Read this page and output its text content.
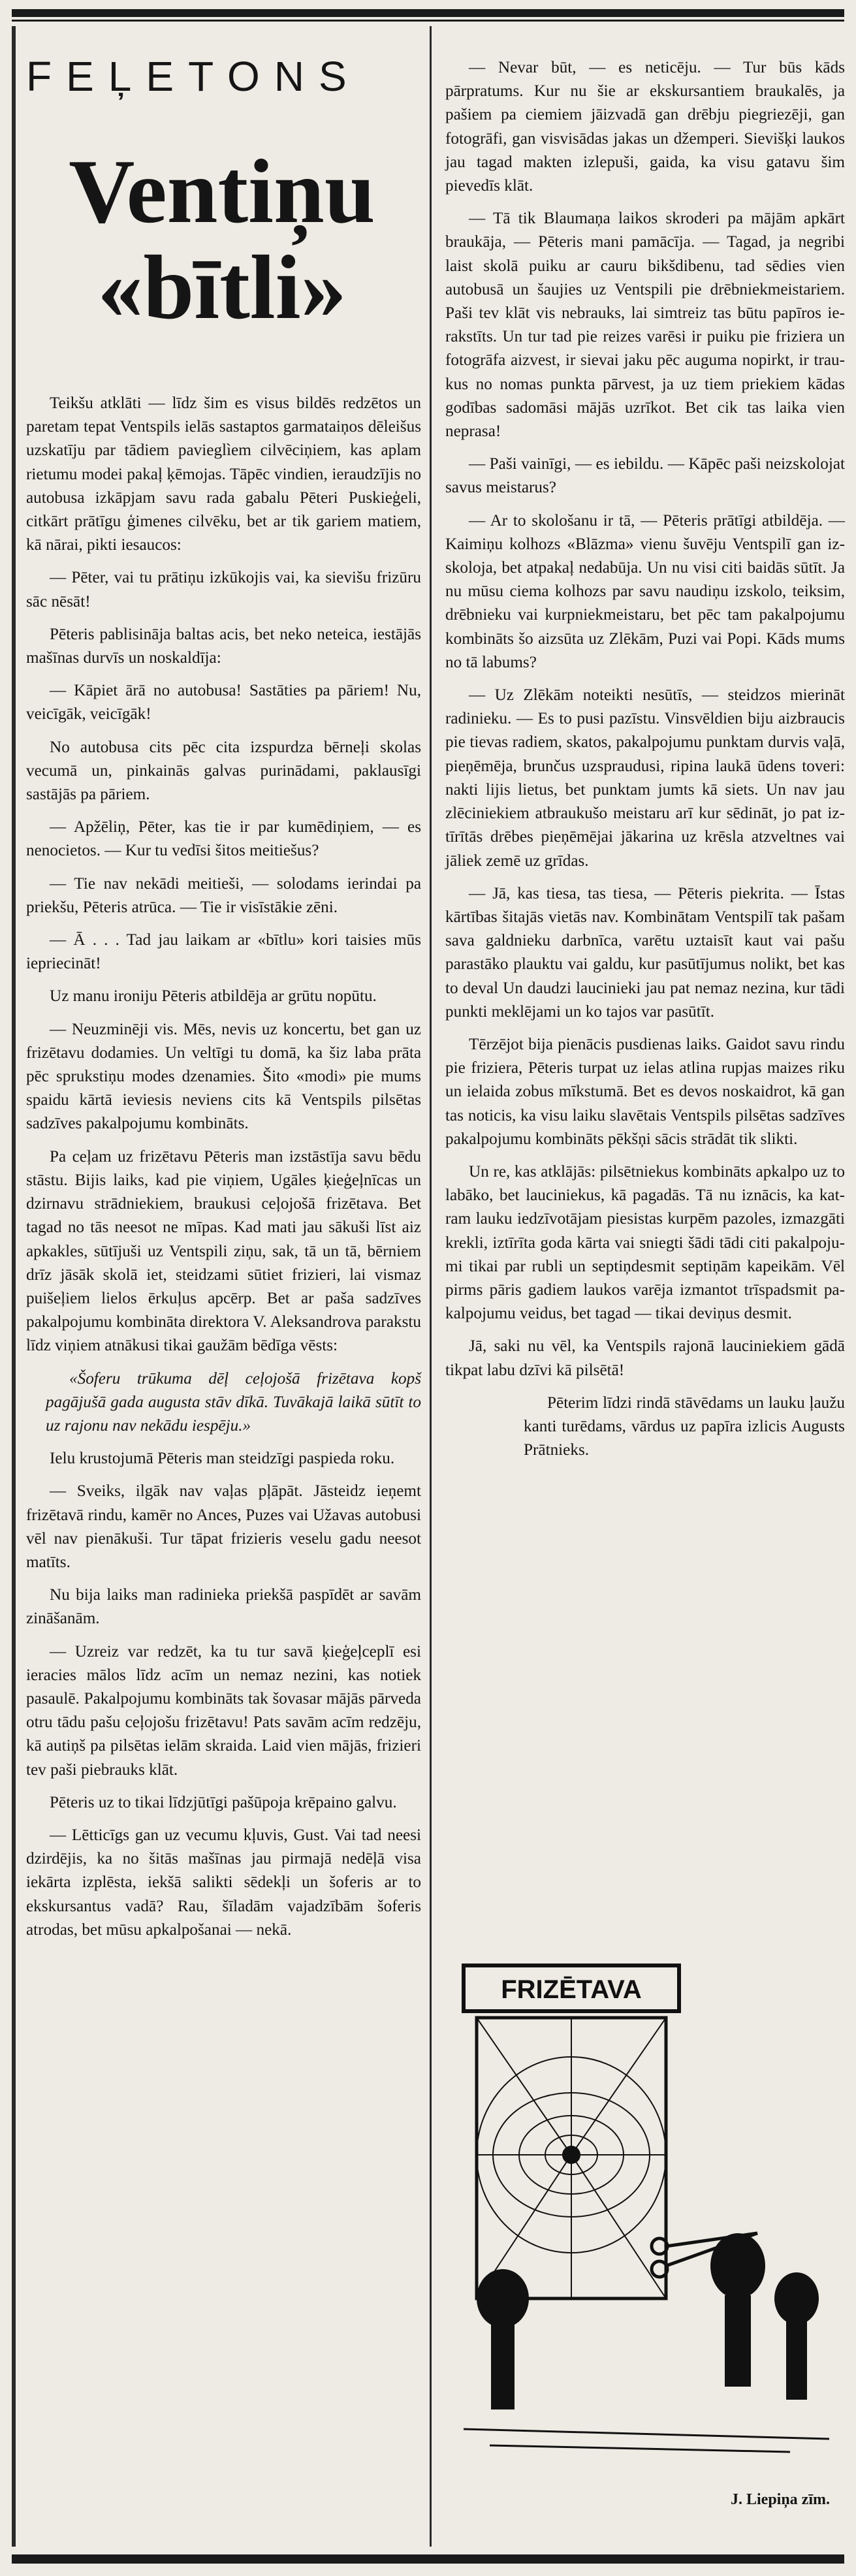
FEĻETONS
Ventiņu
«bītli»

Teikšu atklāti — līdz šim es visus bildēs redzētos un paretam tepat Ventspils ielās sastaptos garmataiņos dēleišus uzskatīju par tādiem pavieglìem cilvēciņiem, kas aplam rietumu modei pakaļ ķēmojas. Tāpēc vindien, ieraudzījis no autobusa izkāpjam savu rada gabalu Pēteri Puskieģeli, citkārt prātīgu ģimenes cilvēku, bet ar tik gariem matiem, kā nārai, pikti iesaucos:

— Pēter, vai tu prātiņu izkūkojis vai, ka sievišu frizūru sāc nēsāt!

Pēteris pablisināja baltas acis, bet neko neteica, iestājās mašīnas durvīs un noskaldīja:

— Kāpiet ārā no autobusa! Sastāties pa pāriem! Nu, veicīgāk, veicīgāk!

No autobusa cits pēc cita izspurdza bērneļi skolas vecumā un, pinkainās galvas purinādami, paklausīgi sastājās pa pāriem.

— Apžēliņ, Pēter, kas tie ir par kumēdiņiem, — es nenocietos. — Kur tu vedīsi šitos meitiešus?

— Tie nav nekādi meitieši, — solodams ierindai pa priekšu, Pēteris atrūca. — Tie ir visīstākie zēni.

— Ā . . . Tad jau laikam ar «bītlu» kori taisies mūs iepriecināt!

Uz manu ironiju Pēteris atbildēja ar grūtu nopūtu.

— Neuzminēji vis. Mēs, nevis uz koncertu, bet gan uz frizētavu dodamies. Un veltīgi tu domā, ka šiz laba prāta pēc sprukstiņu modes dzenamies. Šito «modi» pie mums spaidu kārtā ieviesis neviens cits kā Ventspils pilsētas sadzīves pakalpojumu kombināts.

Pa ceļam uz frizētavu Pēteris man izstāstīja savu bēdu stāstu. Bijis laiks, kad pie viņiem, Ugāles ķieģeļnīcas un dzirnavu strādniekiem, braukusi ceļojošā frizētava. Bet tagad no tās neesot ne mīpas. Kad mati jau sākuši līst aiz apkakles, sūtījuši uz Ventspili ziņu, sak, tā un tā, bērniem drīz jāsāk skolā iet, steidzami sūtiet frizieri, lai vismaz puišeļiem lielos ērkuļus apcērp. Bet ar paša sadzīves pakalpojumu kombināta direktora V. Aleksandrova parakstu līdz viņiem atnākusi tikai gaužām bēdīga vēsts:

«Šoferu trūkuma dēļ ceļojošā frizētava kopš pagājušā gada augusta stāv dīkā. Tuvākajā laikā sūtīt to uz rajonu nav nekādu iespēju.»

Ielu krustojumā Pēteris man steidzīgi paspieda roku.

— Sveiks, ilgāk nav vaļas pļāpāt. Jāsteidz ieņemt frizētavā rindu, kamēr no Ances, Puzes vai Užavas autobusi vēl nav pienākuši. Tur tāpat frizieris veselu gadu neesot matīts.

Nu bija laiks man radinieka priekšā paspīdēt ar savām zināšanām.

— Uzreiz var redzēt, ka tu tur savā ķieģeļceplī esi ieracies mālos līdz acīm un nemaz nezini, kas notiek pasaulē. Pakalpojumu kombināts tak šovasar mājās pārveda otru tādu pašu ceļojošu frizētavu! Pats savām acīm redzēju, kā autiņš pa pilsētas ielām skraida. Laid vien mājās, frizieri tev paši piebrauks klāt.

Pēteris uz to tikai līdzjūtīgi pašūpoja krēpaino galvu.

— Lētticīgs gan uz vecumu kļuvis, Gust. Vai tad neesi dzirdējis, ka no šitās mašīnas jau pirmajā nedēļā visa iekārta izplēsta, iekšā salikti sēdekļi un šoferis ar to ekskursantus vadā? Rau, šīladām vajadzībām šoferis atrodas, bet mūsu apkalpošanai — nekā.

— Nevar būt, — es neticēju. — Tur būs kāds pārpratums. Kur nu šie ar ekskursantiem braukalēs, ja pašiem pa ciemiem jāizvadā gan drēbju piegriezēji, gan fotogrāfi, gan visvisādas jakas un džemperi. Sievišķi laukos jau tagad makten izlepuši, gaida, ka visu gatavu šim pievedīs klāt.

— Tā tik Blaumaņa laikos skroderi pa mājām apkārt braukāja, — Pēteris mani pamācīja. — Tagad, ja negribi laist skolā puiku ar cauru bikšdibenu, tad sēdies vien autobusā un šaujies uz Ventspili pie drēbniekmeistariem. Paši tev klāt vis nebrauks, lai simtreiz tas būtu papīros ierakstīts. Un tur tad pie reizes varēsi ir puiku pie friziera un fotogrāfa aizvest, ir sievai jaku pēc auguma nopirkt, ir traukus no nomas punkta pārvest, ja uz tiem priekiem kādas godības sadomāsi mājās uzrīkot. Bet cik tas laika vien neprasa!

— Paši vainīgi, — es iebildu. — Kāpēc paši neizskolojat savus meistarus?

— Ar to skološanu ir tā, — Pēteris prātīgi atbildēja. — Kaimiņu kolhozs «Blāzma» vienu šuvēju Ventspilī gan izskoloja, bet atpakaļ nedabūja. Un nu visi citi baidās sūtīt. Ja nu mūsu ciema kolhozs par savu naudiņu izskolo, teiksim, drēbnieku vai kurpniekmeistaru, bet pēc tam pakalpojumu kombināts šo aizsūta uz Zlēkām, Puzi vai Popi. Kāds mums no tā labums?

— Uz Zlēkām noteikti nesūtīs, — steidzos mierināt radinieku. — Es to pusi pazīstu. Vinsvēldien biju aizbraucis pie tievas radiem, skatos, pakalpojumu punktam durvis vaļā, pieņēmēja, brunčus uzspraudusi, ripina laukā ūdens toveri: nakti lijis lietus, bet punktam jumts kā siets. Un nav jau zlēciniekiem atbraukušo meistaru arī kur sēdināt, jo pat iztīrītās drēbes pieņēmējai jākarina uz krēsla atzveltnes vai jāliek zemē uz grīdas.

— Jā, kas tiesa, tas tiesa, — Pēteris piekrita. — Īstas kārtības šitajās vietās nav. Kombinātam Ventspilī tak pašam sava galdnieku darbnīca, varētu uztaisīt kaut vai pašu parastāko plauktu vai galdu, kur pasūtījumus nolikt, bet kas to deval Un daudzi lauciniekі jau pat nemaz nezina, kur tādi punkti meklējami un ko tajos var pasūtīt.

Tērzējot bija pienācis pusdienas laiks. Gaidot savu rindu pie friziera, Pēteris turpat uz ielas atlina rupjas maizes riku un ielaida zobus mīkstumā. Bet es devos noskaidrot, kā gan tas noticis, ka visu laiku slavētais Ventspils pilsētas sadzīves pakalpojumu kombināts pēkšņi sācis strādāt tik slikti.

Un re, kas atklājās: pilsētniekus kombināts apkalpo uz to labāko, bet lauciniekus, kā pagadās. Tā nu iznācis, ka katram lauku iedzīvotājam piesistas kurpēm pazoles, izmazgāti krekli, iztīrīta goda kārta vai sniegti šādi tādi citi pakalpojumi tikai par rubli un septiņdesmit septiņām kapeikām. Vēl pirms pāris gadiem laukos varēja izmantot trīspadsmit pakalpojumu veidus, bet tagad — tikai deviņus desmit.

Jā, saki nu vēl, ka Ventspils rajonā lauciniekiem gādā tikpat labu dzīvi kā pilsētā!

Pēterim līdzi rindā stāvēdams un lauku ļaužu kanti turēdams, vārdus uz papīra izlicis Augusts Prātnieks.

FRIZĒTAVA
J. Liepiņa zīm.
